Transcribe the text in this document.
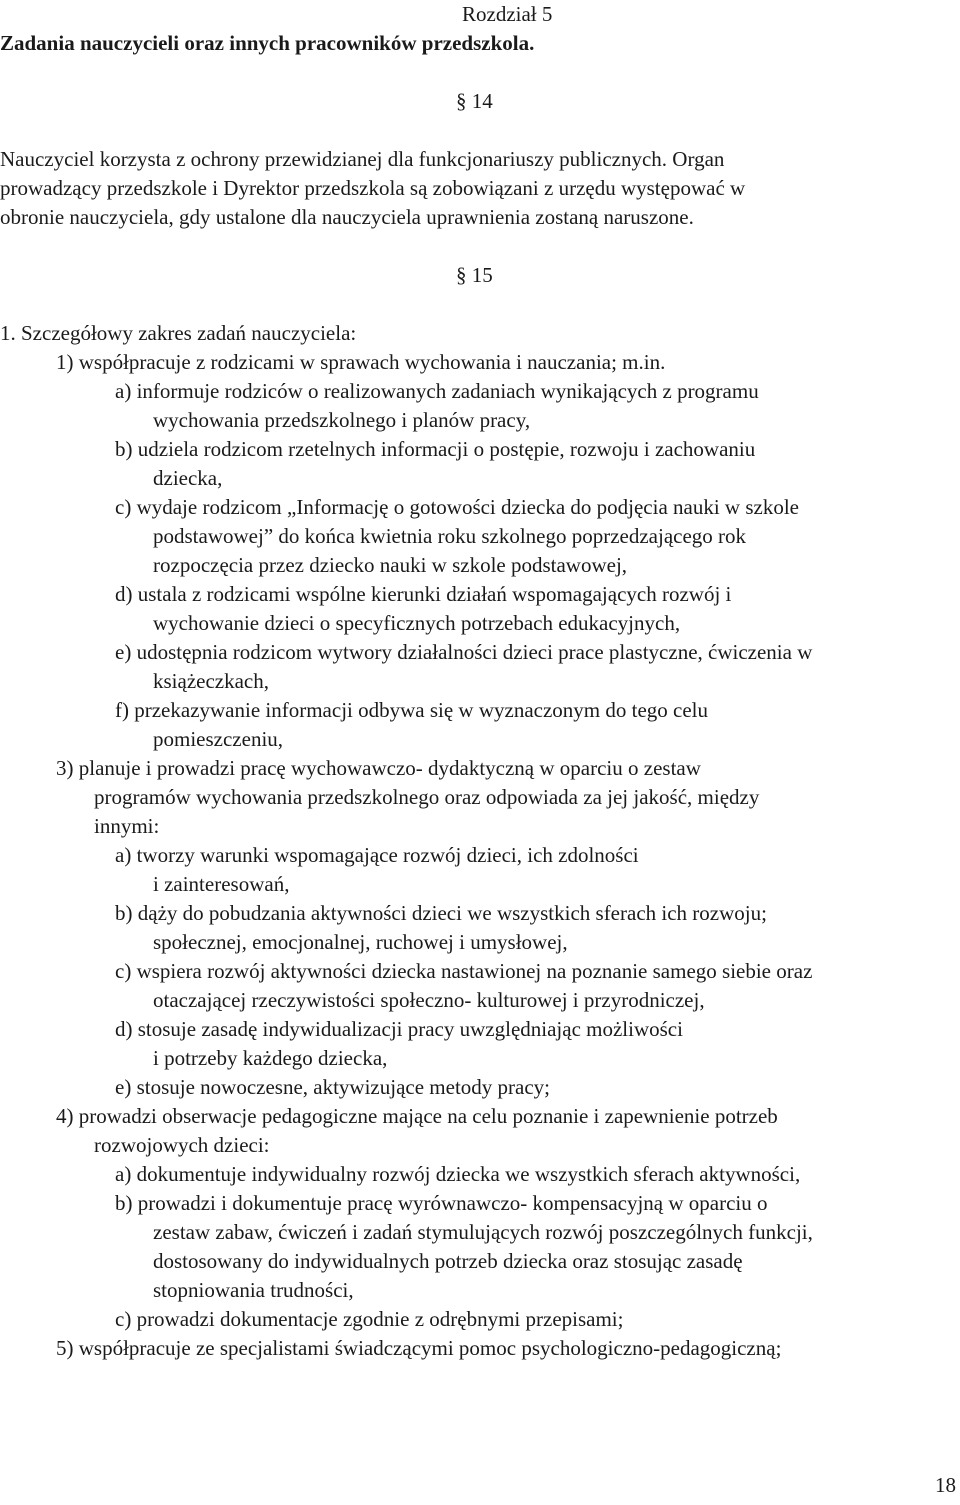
Rozdział 5
Zadania nauczycieli oraz innych pracowników przedszkola.
§ 14
Nauczyciel korzysta z ochrony przewidzianej dla funkcjonariuszy publicznych. Organ
prowadzący przedszkole i Dyrektor przedszkola są zobowiązani z urzędu występować w
obronie nauczyciela, gdy ustalone dla nauczyciela uprawnienia zostaną naruszone.
§ 15
1. Szczegółowy zakres zadań nauczyciela:
1) współpracuje z rodzicami w sprawach wychowania i nauczania; m.in.
a) informuje rodziców o realizowanych zadaniach wynikających z programu
wychowania przedszkolnego i planów pracy,
b) udziela rodzicom rzetelnych informacji o postępie, rozwoju i zachowaniu
dziecka,
c) wydaje rodzicom „Informację o gotowości dziecka do podjęcia nauki w szkole
podstawowej” do końca kwietnia roku szkolnego poprzedzającego rok
rozpoczęcia przez dziecko nauki w szkole podstawowej,
d) ustala z rodzicami wspólne kierunki działań wspomagających rozwój i
wychowanie dzieci o specyficznych potrzebach edukacyjnych,
e) udostępnia rodzicom wytwory działalności dzieci prace plastyczne, ćwiczenia w
książeczkach,
f) przekazywanie informacji odbywa się w wyznaczonym do tego celu
pomieszczeniu,
3) planuje i prowadzi pracę wychowawczo- dydaktyczną w oparciu o zestaw
programów wychowania przedszkolnego oraz odpowiada za jej jakość, między
innymi:
a) tworzy warunki wspomagające rozwój dzieci, ich zdolności
i zainteresowań,
b) dąży do pobudzania aktywności dzieci we wszystkich sferach ich rozwoju;
społecznej, emocjonalnej, ruchowej i umysłowej,
c) wspiera rozwój aktywności dziecka nastawionej na poznanie samego siebie oraz
otaczającej rzeczywistości społeczno- kulturowej i przyrodniczej,
d) stosuje zasadę indywidualizacji pracy uwzględniając możliwości
i potrzeby każdego dziecka,
e) stosuje nowoczesne, aktywizujące metody pracy;
4) prowadzi obserwacje pedagogiczne mające na celu poznanie i zapewnienie potrzeb
rozwojowych dzieci:
a) dokumentuje indywidualny rozwój dziecka we wszystkich sferach aktywności,
b) prowadzi i dokumentuje pracę wyrównawczo- kompensacyjną w oparciu o
zestaw zabaw, ćwiczeń i zadań stymulujących rozwój poszczególnych funkcji,
dostosowany do indywidualnych potrzeb dziecka oraz stosując zasadę
stopniowania trudności,
c) prowadzi dokumentacje zgodnie z odrębnymi przepisami;
5) współpracuje ze specjalistami świadczącymi pomoc psychologiczno-pedagogiczną;
18
